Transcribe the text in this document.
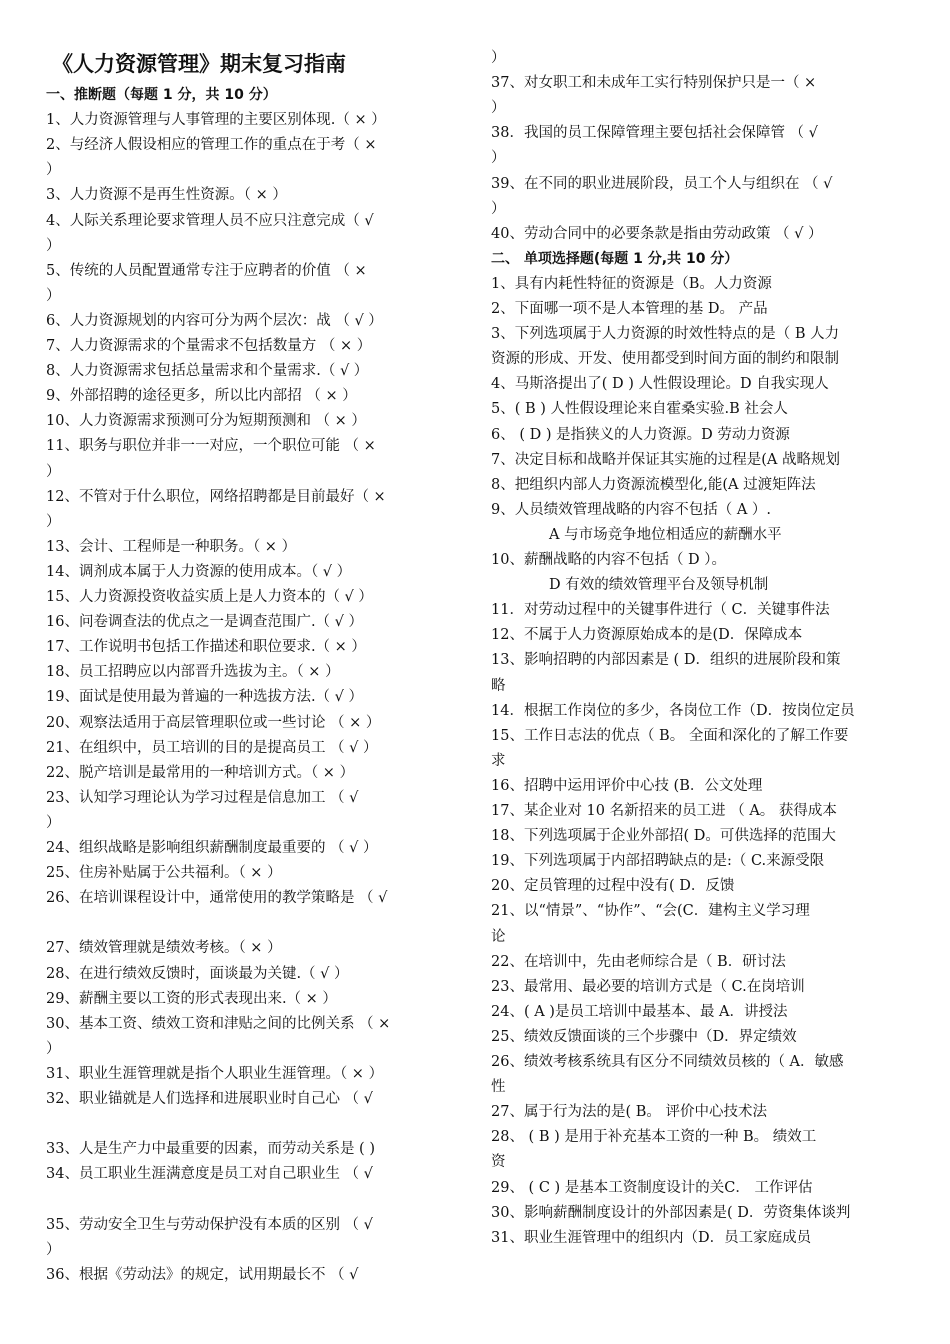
《人力资源管理》期末复习指南
一、推断题（每题 1 分，共 10 分）
1、人力资源管理与人事管理的主要区别体现.（ × ）
2、与经济人假设相应的管理工作的重点在于考（ ×
）
3、人力资源不是再生性资源。（ × ）
4、人际关系理论要求管理人员不应只注意完成（ √
）
5、传统的人员配置通常专注于应聘者的价值 （ ×
）
6、人力资源规划的内容可分为两个层次：战 （ √ ）
7、人力资源需求的个量需求不包括数量方 （ × ）
8、人力资源需求包括总量需求和个量需求.（ √ ）
9、外部招聘的途径更多，所以比内部招 （ × ）
10、人力资源需求预测可分为短期预测和 （ × ）
11、职务与职位并非一一对应，一个职位可能 （ ×
）
12、不管对于什么职位，网络招聘都是目前最好（ ×
）
13、会计、工程师是一种职务。（ × ）
14、调剂成本属于人力资源的使用成本。（ √ ）
15、人力资源投资收益实质上是人力资本的（ √ ）
16、问卷调查法的优点之一是调查范围广.（ √ ）
17、工作说明书包括工作描述和职位要求.（ × ）
18、员工招聘应以内部晋升选拔为主。（ × ）
19、面试是使用最为普遍的一种选拔方法.（ √ ）
20、观察法适用于高层管理职位或一些讨论 （ × ）
21、在组织中，员工培训的目的是提高员工 （ √ ）
22、脱产培训是最常用的一种培训方式。（ × ）
23、认知学习理论认为学习过程是信息加工 （ √
）
24、组织战略是影响组织薪酬制度最重要的 （ √ ）
25、住房补贴属于公共福利。（ × ）
26、在培训课程设计中，通常使用的教学策略是 （ √
27、绩效管理就是绩效考核。（ × ）
28、在进行绩效反馈时，面谈最为关键.（ √ ）
29、薪酬主要以工资的形式表现出来.（ × ）
30、基本工资、绩效工资和津贴之间的比例关系 （ ×
）
31、职业生涯管理就是指个人职业生涯管理。（ × ）
32、职业锚就是人们选择和进展职业时自己心 （ √
33、人是生产力中最重要的因素，而劳动关系是 ( )
34、员工职业生涯满意度是员工对自己职业生 （ √
35、劳动安全卫生与劳动保护没有本质的区别 （ √
）
36、根据《劳动法》的规定，试用期最长不 （ √
）
37、对女职工和未成年工实行特别保护只是一（ ×
）
38．我国的员工保障管理主要包括社会保障管 （ √
）
39、在不同的职业进展阶段，员工个人与组织在 （ √
）
40、劳动合同中的必要条款是指由劳动政策 （ √ ）
二、 单项选择题(每题 1 分,共 10 分）
1、具有内耗性特征的资源是（B。人力资源
2、下面哪一项不是人本管理的基 D。 产品
3、下列选项属于人力资源的时效性特点的是（ B 人力
资源的形成、开发、使用都受到时间方面的制约和限制
4、马斯洛提出了( D ) 人性假设理论。D 自我实现人
5、( B ) 人性假设理论来自霍桑实验.B 社会人
6、 ( D ) 是指狭义的人力资源。D 劳动力资源
7、决定目标和战略并保证其实施的过程是(A 战略规划
8、把组织内部人力资源流模型化,能(A 过渡矩阵法
9、人员绩效管理战略的内容不包括（ A ）.
A 与市场竞争地位相适应的薪酬水平
10、薪酬战略的内容不包括（ D ）。
D 有效的绩效管理平台及领导机制
11．对劳动过程中的关键事件进行（ C．关键事件法
12、不属于人力资源原始成本的是(D．保障成本
13、影响招聘的内部因素是 ( D．组织的进展阶段和策
略
14．根据工作岗位的多少，各岗位工作（D．按岗位定员
15、工作日志法的优点（ B。 全面和深化的了解工作要
求
16、招聘中运用评价中心技 (B．公文处理
17、某企业对 10 名新招来的员工进 （ A。 获得成本
18、下列选项属于企业外部招( D。可供选择的范围大
19、下列选项属于内部招聘缺点的是:（ C.来源受限
20、定员管理的过程中没有( D．反馈
21、以“情景”、“协作”、“会(C．建构主义学习理
论
22、在培训中，先由老师综合是（ B．研讨法
23、最常用、最必要的培训方式是（ C.在岗培训
24、( A )是员工培训中最基本、最 A．讲授法
25、绩效反馈面谈的三个步骤中（D．界定绩效
26、绩效考核系统具有区分不同绩效员核的（ A．敏感
性
27、属于行为法的是( B。 评价中心技术法
28、 ( B ) 是用于补充基本工资的一种 B。 绩效工
资
29、 ( C ) 是基本工资制度设计的关C． 工作评估
30、影响薪酬制度设计的外部因素是( D．劳资集体谈判
31、职业生涯管理中的组织内（D．员工家庭成员
